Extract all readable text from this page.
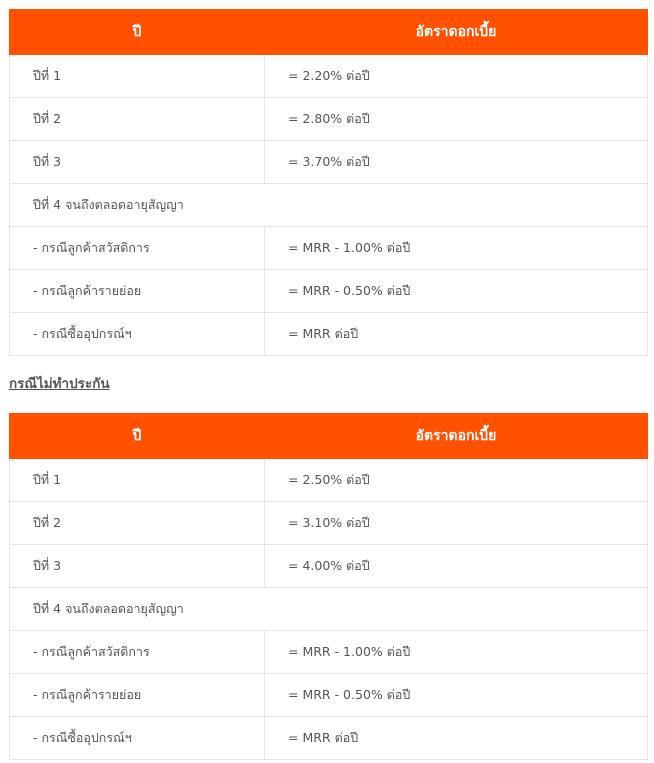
ปี	อัตราดอกเบี้ย
ปีที่ 1	= 2.20% ต่อปี
ปีที่ 2	= 2.80% ต่อปี
ปีที่ 3	= 3.70% ต่อปี
ปีที่ 4 จนถึงตลอดอายุสัญญา	
- กรณีลูกค้าสวัสดิการ	= MRR - 1.00% ต่อปี
- กรณีลูกค้ารายย่อย	= MRR - 0.50% ต่อปี
- กรณีซื้ออุปกรณ์ฯ	= MRR ต่อปี

กรณีไม่ทำประกัน

ปี	อัตราดอกเบี้ย
ปีที่ 1	= 2.50% ต่อปี
ปีที่ 2	= 3.10% ต่อปี
ปีที่ 3	= 4.00% ต่อปี
ปีที่ 4 จนถึงตลอดอายุสัญญา	
- กรณีลูกค้าสวัสดิการ	= MRR - 1.00% ต่อปี
- กรณีลูกค้ารายย่อย	= MRR - 0.50% ต่อปี
- กรณีซื้ออุปกรณ์ฯ	= MRR ต่อปี
